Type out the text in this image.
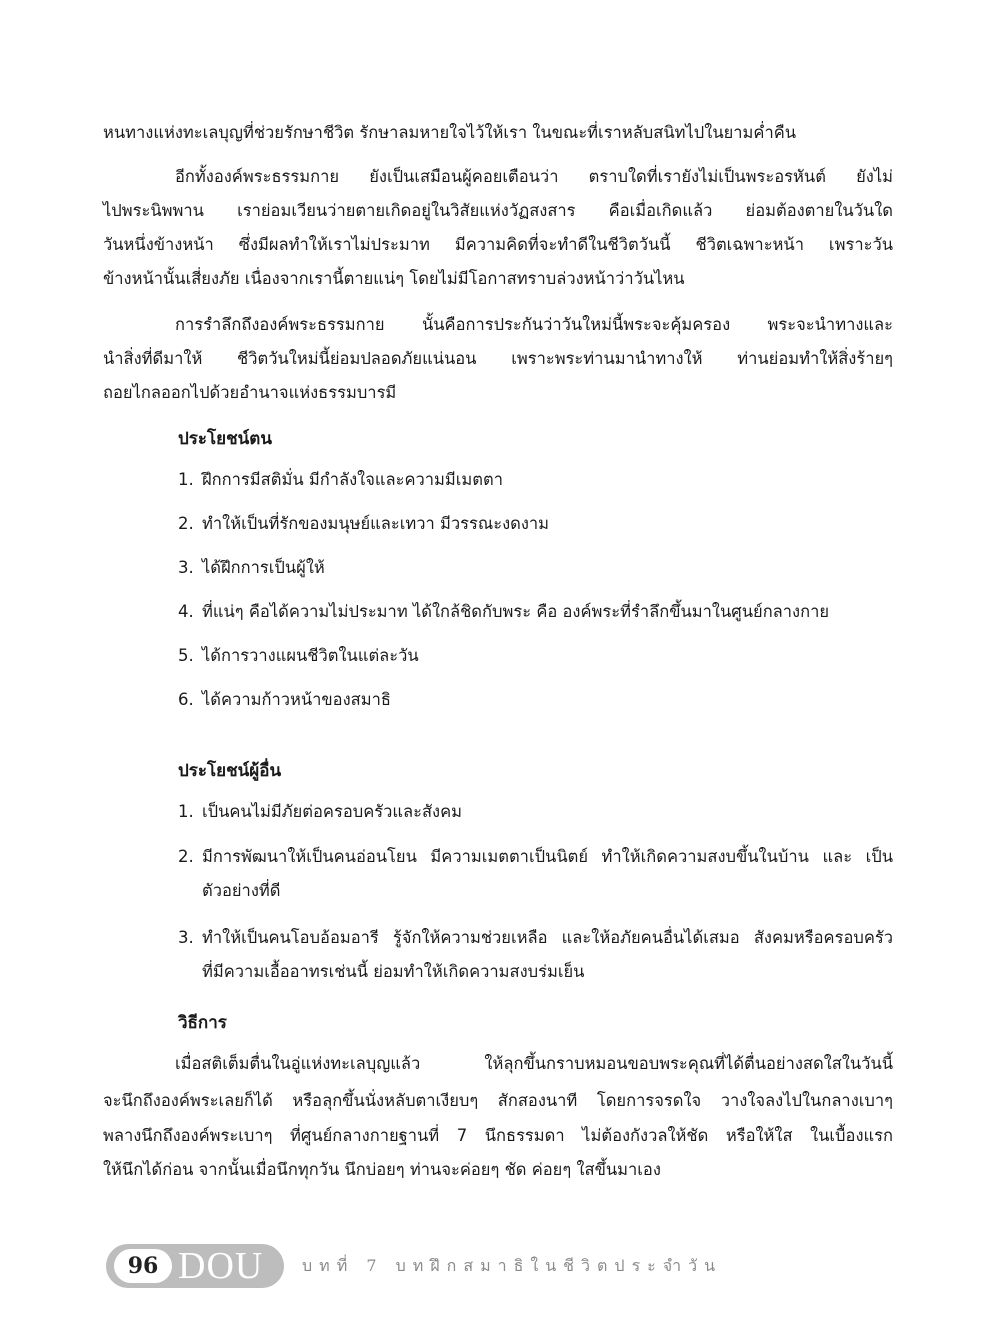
หนทางแห่งทะเลบุญที่ช่วยรักษาชีวิต รักษาลมหายใจไว้ให้เรา ในขณะที่เราหลับสนิทไปในยามค่ำคืน
อีกทั้งองค์พระธรรมกาย ยังเป็นเสมือนผู้คอยเตือนว่า ตราบใดที่เรายังไม่เป็นพระอรหันต์ ยังไม่
ไปพระนิพพาน เราย่อมเวียนว่ายตายเกิดอยู่ในวิสัยแห่งวัฏสงสาร คือเมื่อเกิดแล้ว ย่อมต้องตายในวันใด
วันหนึ่งข้างหน้า ซึ่งมีผลทำให้เราไม่ประมาท มีความคิดที่จะทำดีในชีวิตวันนี้ ชีวิตเฉพาะหน้า เพราะวัน
ข้างหน้านั้นเสี่ยงภัย เนื่องจากเรานี้ตายแน่ๆ โดยไม่มีโอกาสทราบล่วงหน้าว่าวันไหน
การรำลึกถึงองค์พระธรรมกาย นั้นคือการประกันว่าวันใหม่นี้พระจะคุ้มครอง พระจะนำทางและ
นำสิ่งที่ดีมาให้ ชีวิตวันใหม่นี้ย่อมปลอดภัยแน่นอน เพราะพระท่านมานำทางให้ ท่านย่อมทำให้สิ่งร้ายๆ
ถอยไกลออกไปด้วยอำนาจแห่งธรรมบารมี
ประโยชน์ตน
1. ฝึกการมีสติมั่น มีกำลังใจและความมีเมตตา
2. ทำให้เป็นที่รักของมนุษย์และเทวา มีวรรณะงดงาม
3. ได้ฝึกการเป็นผู้ให้
4. ที่แน่ๆ คือได้ความไม่ประมาท ได้ใกล้ชิดกับพระ คือ องค์พระที่รำลึกขึ้นมาในศูนย์กลางกาย
5. ได้การวางแผนชีวิตในแต่ละวัน
6. ได้ความก้าวหน้าของสมาธิ
ประโยชน์ผู้อื่น
1. เป็นคนไม่มีภัยต่อครอบครัวและสังคม
2. มีการพัฒนาให้เป็นคนอ่อนโยน มีความเมตตาเป็นนิตย์ ทำให้เกิดความสงบขึ้นในบ้าน และ เป็น
ตัวอย่างที่ดี
3. ทำให้เป็นคนโอบอ้อมอารี รู้จักให้ความช่วยเหลือ และให้อภัยคนอื่นได้เสมอ สังคมหรือครอบครัว
ที่มีความเอื้ออาทรเช่นนี้ ย่อมทำให้เกิดความสงบร่มเย็น
วิธีการ
เมื่อสติเต็มตื่นในอู่แห่งทะเลบุญแล้ว ให้ลุกขึ้นกราบหมอนขอบพระคุณที่ได้ตื่นอย่างสดใสในวันนี้
จะนึกถึงองค์พระเลยก็ได้ หรือลุกขึ้นนั่งหลับตาเงียบๆ สักสองนาที โดยการจรดใจ วางใจลงไปในกลางเบาๆ
พลางนึกถึงองค์พระเบาๆ ที่ศูนย์กลางกายฐานที่ 7 นึกธรรมดา ไม่ต้องกังวลให้ชัด หรือให้ใส ในเบื้องแรก
ให้นึกได้ก่อน จากนั้นเมื่อนึกทุกวัน นึกบ่อยๆ ท่านจะค่อยๆ ชัด ค่อยๆ ใสขึ้นมาเอง
96 DOU บทที่ 7 บทฝึกสมาธิในชีวิตประจำวัน
